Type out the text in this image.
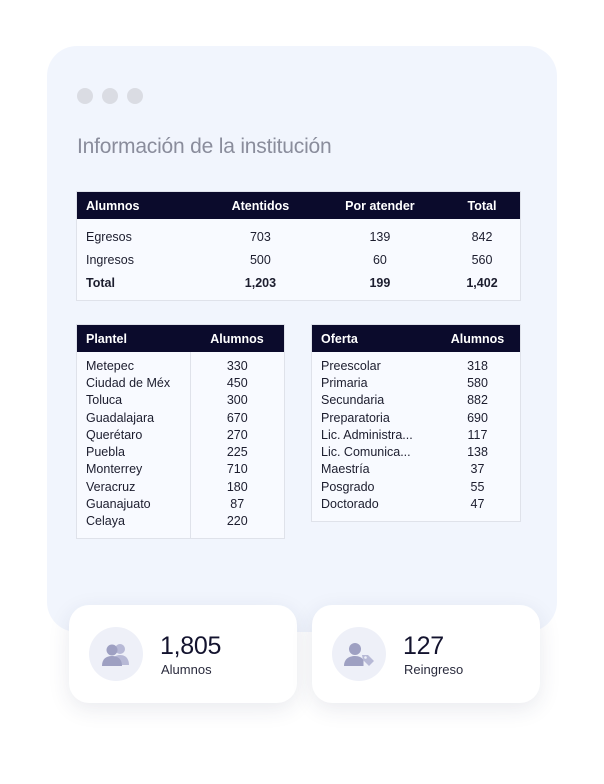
Información de la institución
Alumnos	Atentidos	Por atender	Total
Egresos	703	139	842
Ingresos	500	60	560
Total	1,203	199	1,402
Plantel	Alumnos
Metepec	330
Ciudad de Méx	450
Toluca	300
Guadalajara	670
Querétaro	270
Puebla	225
Monterrey	710
Veracruz	180
Guanajuato	87
Celaya	220
Oferta	Alumnos
Preescolar	318
Primaria	580
Secundaria	882
Preparatoria	690
Lic. Administra...	117
Lic. Comunica...	138
Maestría	37
Posgrado	55
Doctorado	47
1,805
Alumnos
127
Reingreso
